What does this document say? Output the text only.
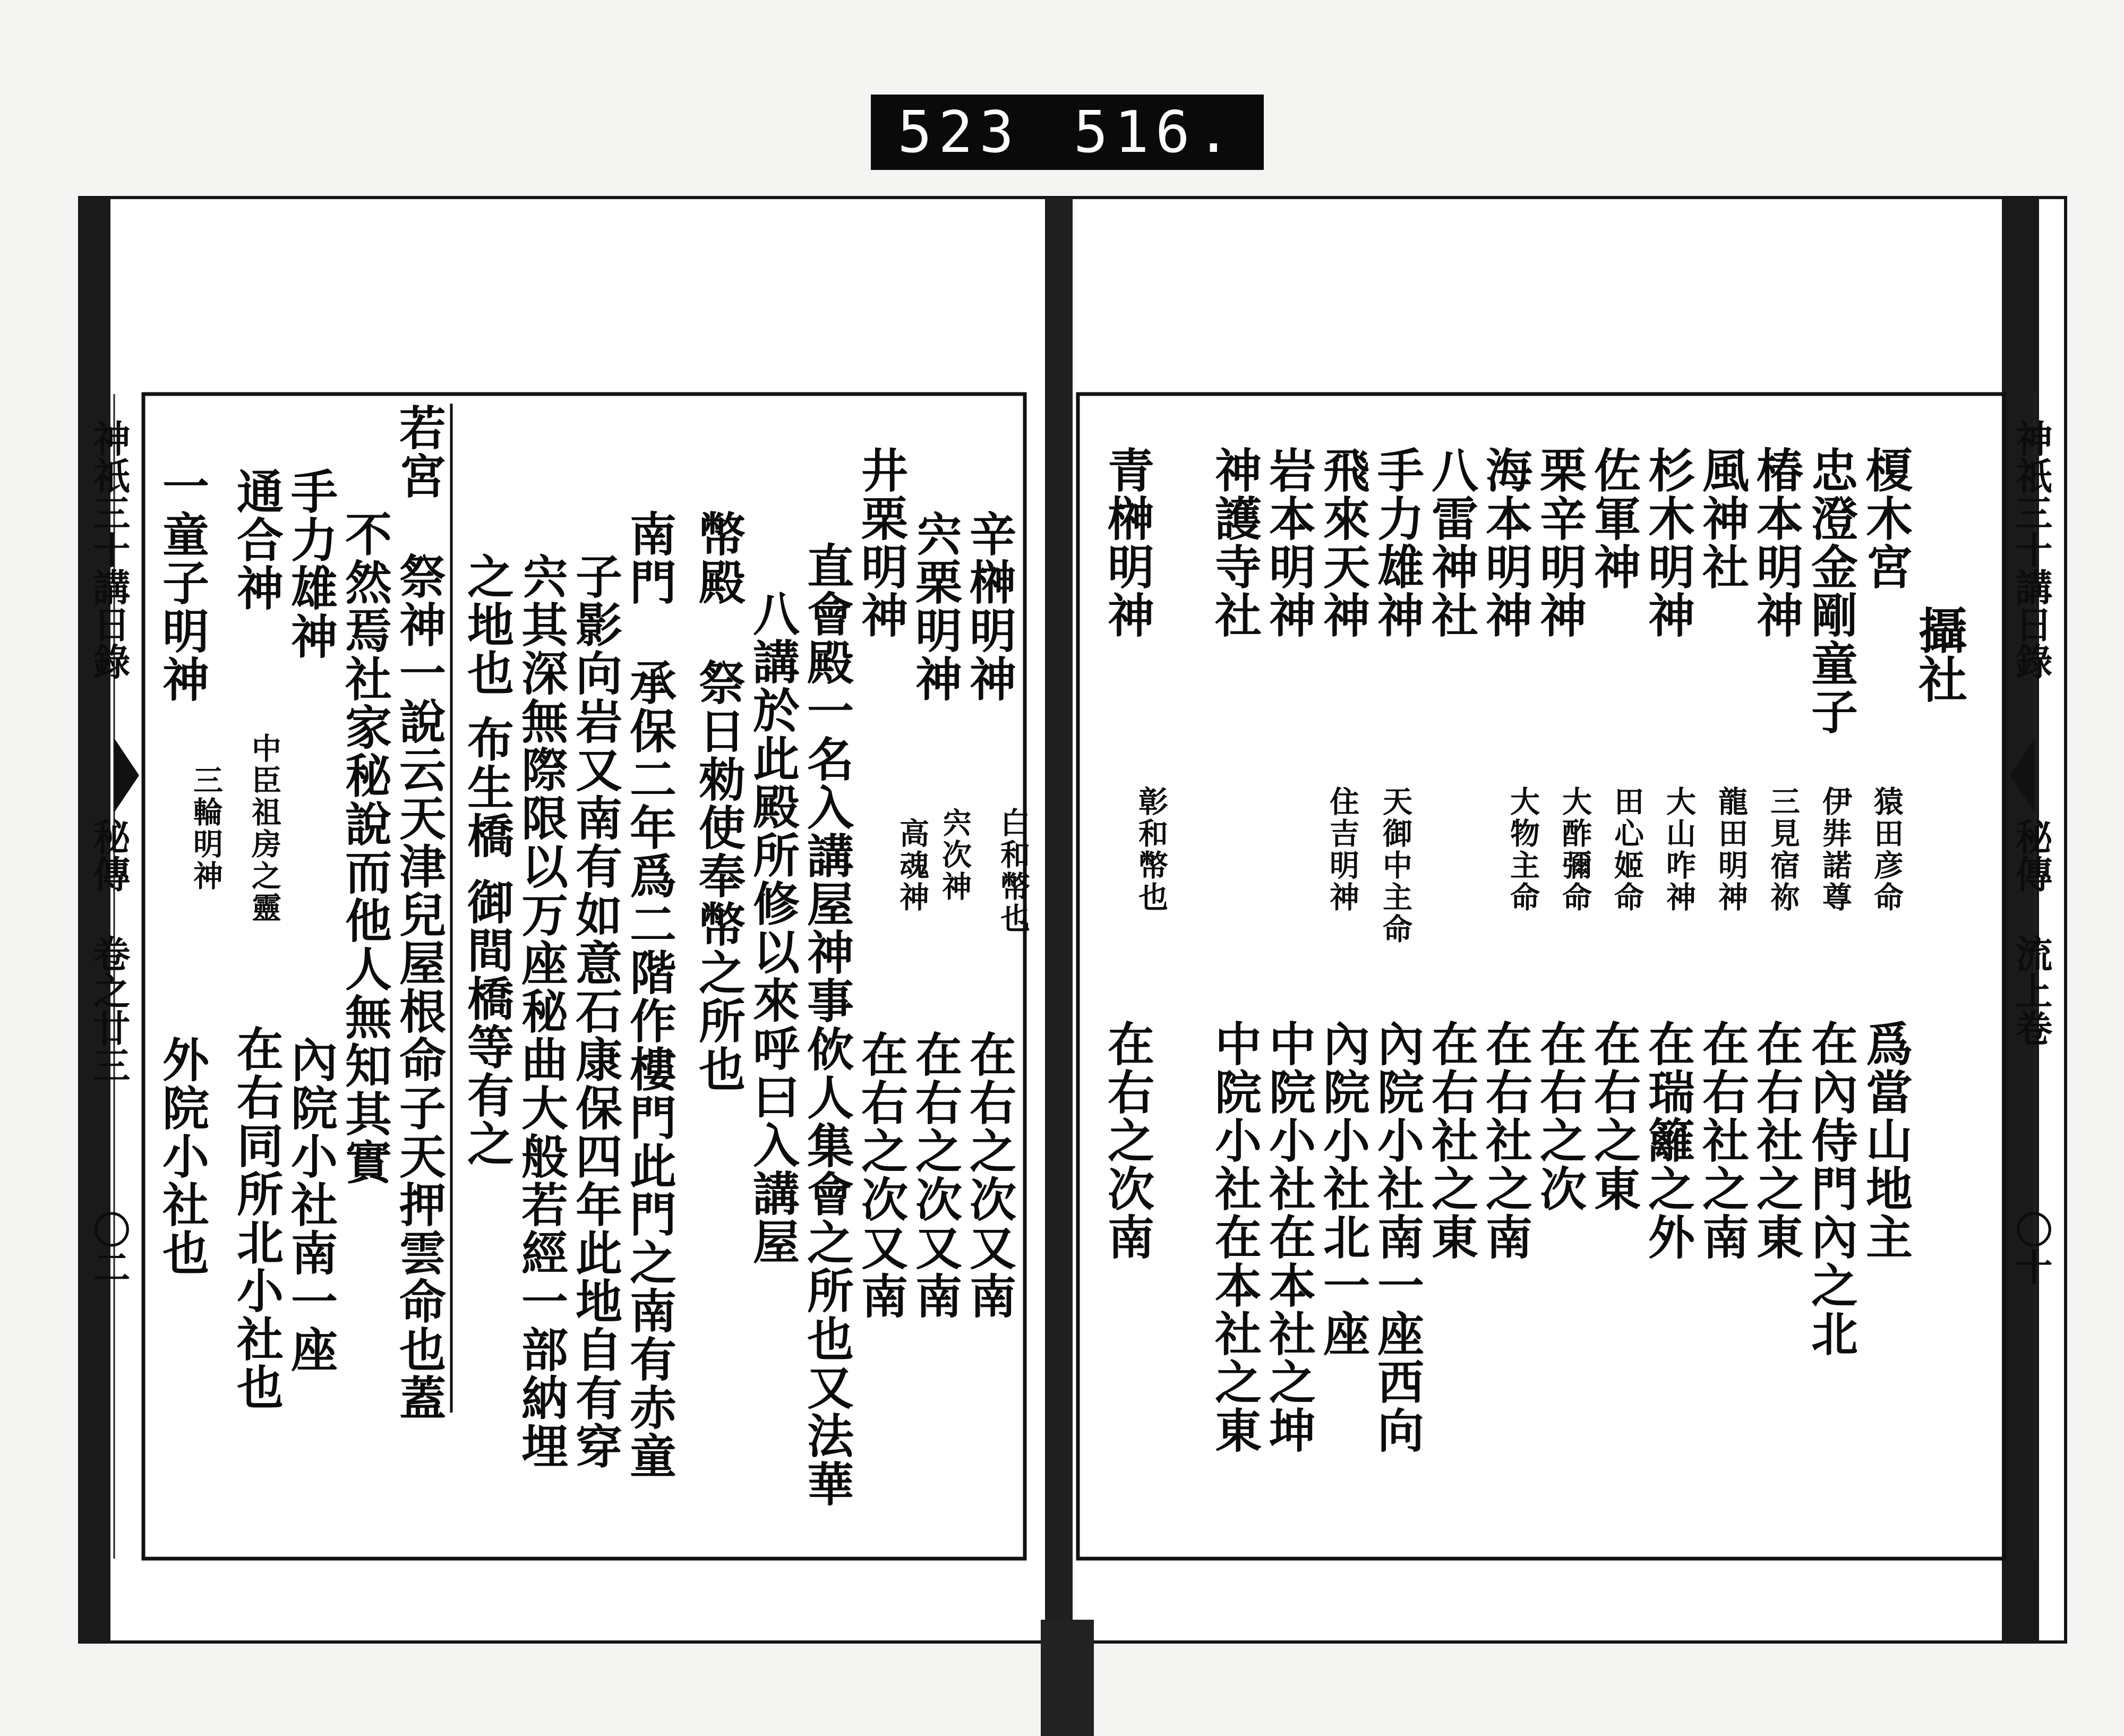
523 516.
神祇三十講日錄
秘傳
流上卷
〇十
攝社
榎木宮
爲當山地主
忠澄金剛童子
猿田彦命
在內侍門內之北
椿本明神
伊弉諾尊
在右社之東
風神社
三見宿祢
在右社之南
杉木明神
龍田明神
在瑞籬之外
佐軍神
大山咋神
在右之東
栗辛明神
田心姬命
在右之次
海本明神
大酢彌命
在右社之南
八雷神社
大物主命
在右社之東
手力雄神
內院小社南一座西向
飛來天神
天御中主命
內院小社北一座
岩本明神
住吉明神
中院小社在本社之坤
神護寺社
中院小社在本社之東
青榊明神
彰和幣也
在右之次南
神祇三十講日錄
秘傳
卷之廿三
〇二
辛榊明神
白和幣也
在右之次又南
宍栗明神
宍次神
在右之次又南
井栗明神
高魂神
在右之次又南
直會殿一名入講屋神事佽人集會之所也又法華
八講於此殿所修以來呼曰入講屋
幣殿
祭日勑使奉幣之所也
南門
承保二年爲二階作樓門此門之南有赤童
子影向岩又南有如意石康保四年此地自有穿
宍其深無際限以万座秘曲大般若經一部納埋
之地也 布生橋 御間橋等有之
若宮
祭神一說云天津兒屋根命子天押雲命也蓋
不然焉社家秘說而他人無知其實
手力雄神
中臣祖房之靈
內院小社南一座
通合神
三輪明神
在右同所北小社也
一童子明神
外院小社也
